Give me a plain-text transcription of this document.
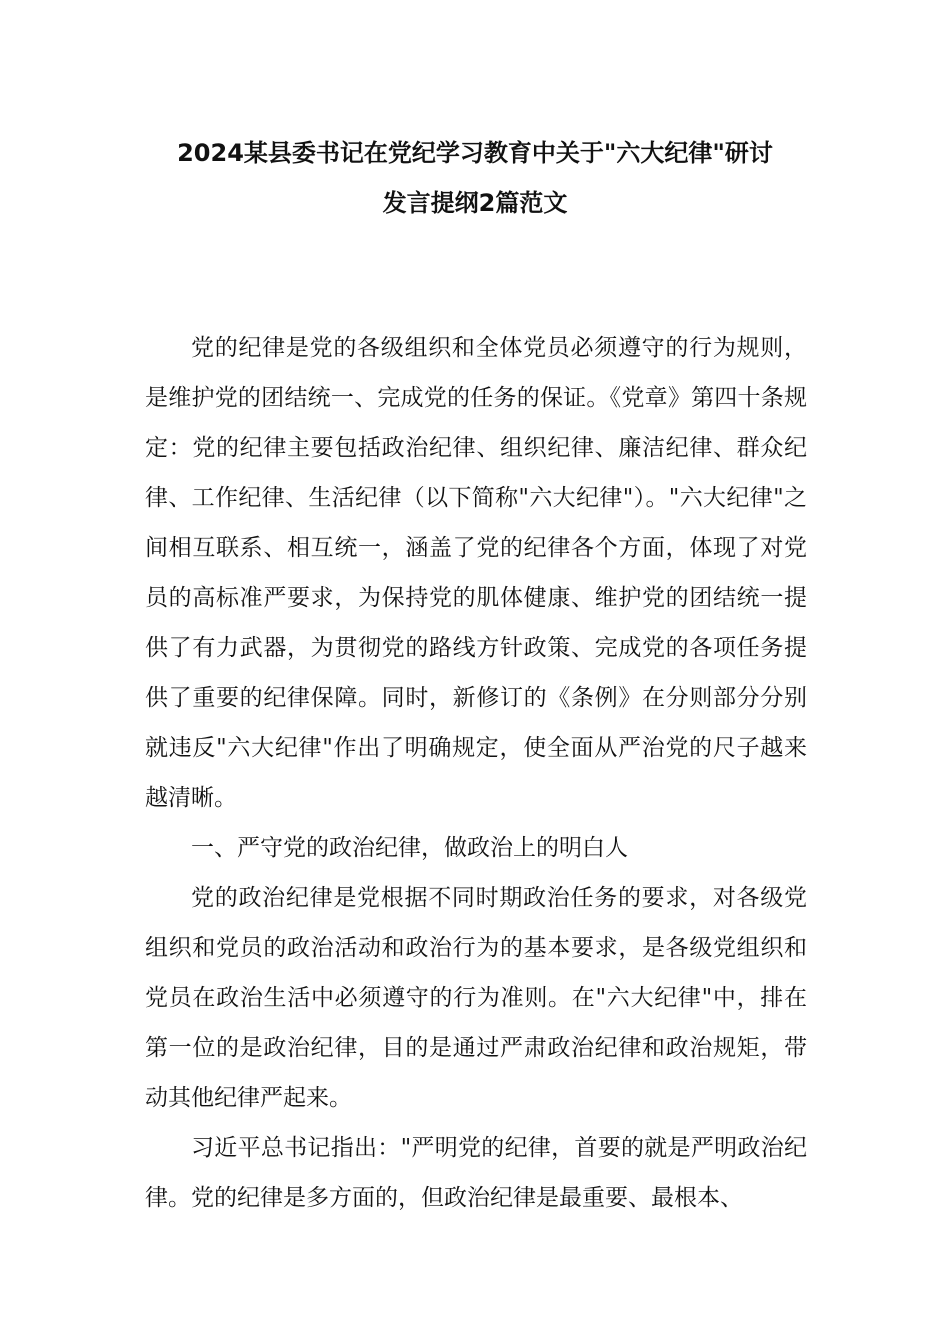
2024某县委书记在党纪学习教育中关于"六大纪律"研讨
发言提纲2篇范文

党的纪律是党的各级组织和全体党员必须遵守的行为规则，是维护党的团结统一、完成党的任务的保证。《党章》第四十条规定：党的纪律主要包括政治纪律、组织纪律、廉洁纪律、群众纪律、工作纪律、生活纪律（以下简称"六大纪律"）。"六大纪律"之间相互联系、相互统一，涵盖了党的纪律各个方面，体现了对党员的高标准严要求，为保持党的肌体健康、维护党的团结统一提供了有力武器，为贯彻党的路线方针政策、完成党的各项任务提供了重要的纪律保障。同时，新修订的《条例》在分则部分分别就违反"六大纪律"作出了明确规定，使全面从严治党的尺子越来越清晰。

一、严守党的政治纪律，做政治上的明白人

党的政治纪律是党根据不同时期政治任务的要求，对各级党组织和党员的政治活动和政治行为的基本要求，是各级党组织和党员在政治生活中必须遵守的行为准则。在"六大纪律"中，排在第一位的是政治纪律，目的是通过严肃政治纪律和政治规矩，带动其他纪律严起来。

习近平总书记指出："严明党的纪律，首要的就是严明政治纪律。党的纪律是多方面的，但政治纪律是最重要、最根本、
